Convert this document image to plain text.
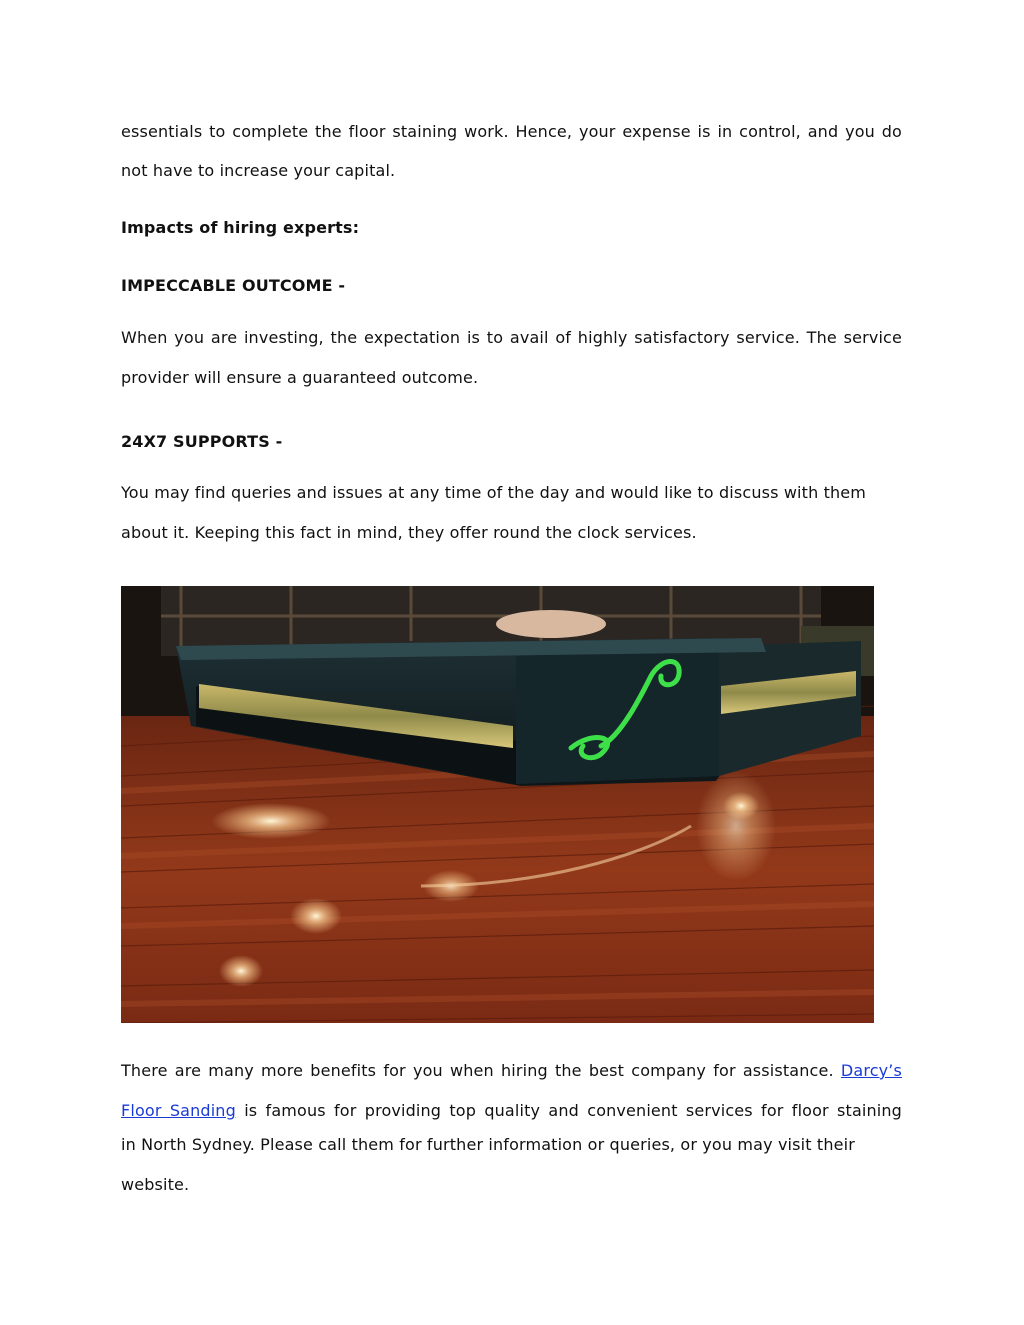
essentials to complete the floor staining work. Hence, your expense is in control, and you do
not have to increase your capital.
Impacts of hiring experts:
IMPECCABLE OUTCOME -
When you are investing, the expectation is to avail of highly satisfactory service. The service
provider will ensure a guaranteed outcome.
24X7 SUPPORTS -
You may find queries and issues at any time of the day and would like to discuss with them
about it. Keeping this fact in mind, they offer round the clock services.
There are many more benefits for you when hiring the best company for assistance. Darcy’s
Floor Sanding is famous for providing top quality and convenient services for floor staining
in North Sydney. Please call them for further information or queries, or you may visit their
website.
